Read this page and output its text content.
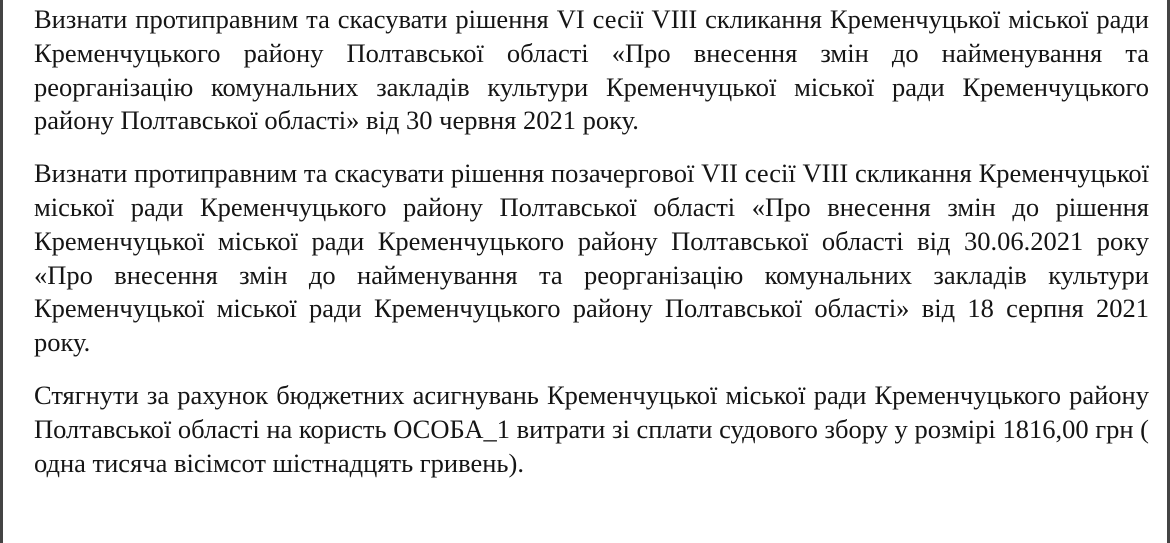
Визнати протиправним та скасувати рішення VI сесії VIII скликання Кременчуцької міської ради Кременчуцького району Полтавської області «Про внесення змін до найменування та реорганізацію комунальних закладів культури Кременчуцької міської ради Кременчуцького району Полтавської області» від 30 червня 2021 року.

Визнати протиправним та скасувати рішення позачергової VII сесії VIII скликання Кременчуцької міської ради Кременчуцького району Полтавської області «Про внесення змін до рішення Кременчуцької міської ради Кременчуцького району Полтавської області від 30.06.2021 року «Про внесення змін до найменування та реорганізацію комунальних закладів культури Кременчуцької міської ради Кременчуцького району Полтавської області» від 18 серпня 2021 року.

Стягнути за рахунок бюджетних асигнувань Кременчуцької міської ради Кременчуцького району Полтавської області на користь ОСОБА_1 витрати зі сплати судового збору у розмірі 1816,00 грн ( одна тисяча вісімсот шістнадцять гривень).
